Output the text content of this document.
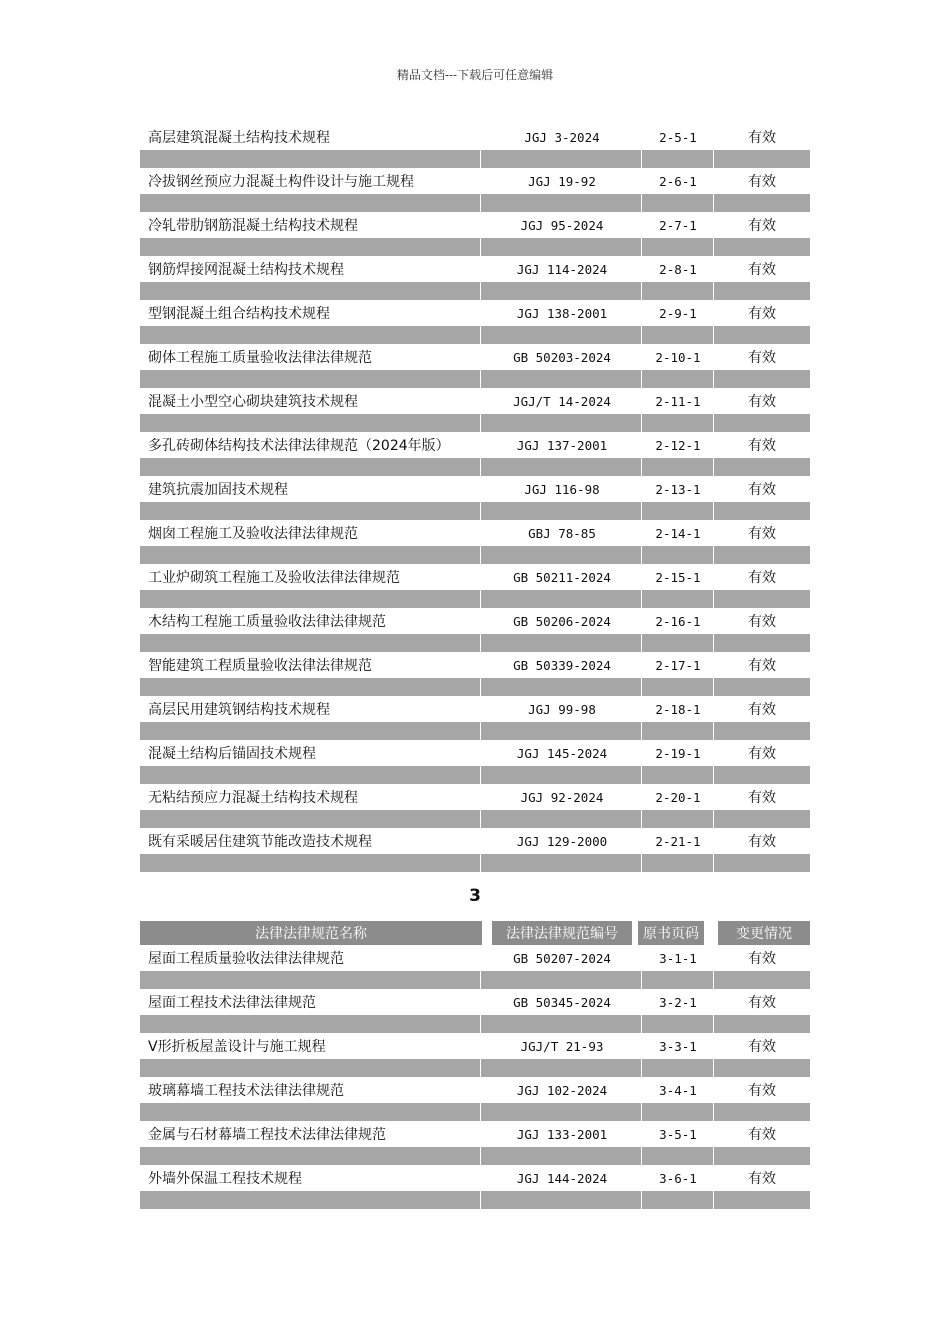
精品文档---下载后可任意编辑
高层建筑混凝土结构技术规程	JGJ 3-2024	2-5-1	有效
冷拔钢丝预应力混凝土构件设计与施工规程	JGJ 19-92	2-6-1	有效
冷轧带肋钢筋混凝土结构技术规程	JGJ 95-2024	2-7-1	有效
钢筋焊接网混凝土结构技术规程	JGJ 114-2024	2-8-1	有效
型钢混凝土组合结构技术规程	JGJ 138-2001	2-9-1	有效
砌体工程施工质量验收法律法律规范	GB 50203-2024	2-10-1	有效
混凝土小型空心砌块建筑技术规程	JGJ/T 14-2024	2-11-1	有效
多孔砖砌体结构技术法律法律规范（2024年版）	JGJ 137-2001	2-12-1	有效
建筑抗震加固技术规程	JGJ 116-98	2-13-1	有效
烟囱工程施工及验收法律法律规范	GBJ 78-85	2-14-1	有效
工业炉砌筑工程施工及验收法律法律规范	GB 50211-2024	2-15-1	有效
木结构工程施工质量验收法律法律规范	GB 50206-2024	2-16-1	有效
智能建筑工程质量验收法律法律规范	GB 50339-2024	2-17-1	有效
高层民用建筑钢结构技术规程	JGJ 99-98	2-18-1	有效
混凝土结构后锚固技术规程	JGJ 145-2024	2-19-1	有效
无粘结预应力混凝土结构技术规程	JGJ 92-2024	2-20-1	有效
既有采暖居住建筑节能改造技术规程	JGJ 129-2000	2-21-1	有效
3
法律法律规范名称	法律法律规范编号	原书页码	变更情况
屋面工程质量验收法律法律规范	GB 50207-2024	3-1-1	有效
屋面工程技术法律法律规范	GB 50345-2024	3-2-1	有效
V形折板屋盖设计与施工规程	JGJ/T 21-93	3-3-1	有效
玻璃幕墙工程技术法律法律规范	JGJ 102-2024	3-4-1	有效
金属与石材幕墙工程技术法律法律规范	JGJ 133-2001	3-5-1	有效
外墙外保温工程技术规程	JGJ 144-2024	3-6-1	有效
